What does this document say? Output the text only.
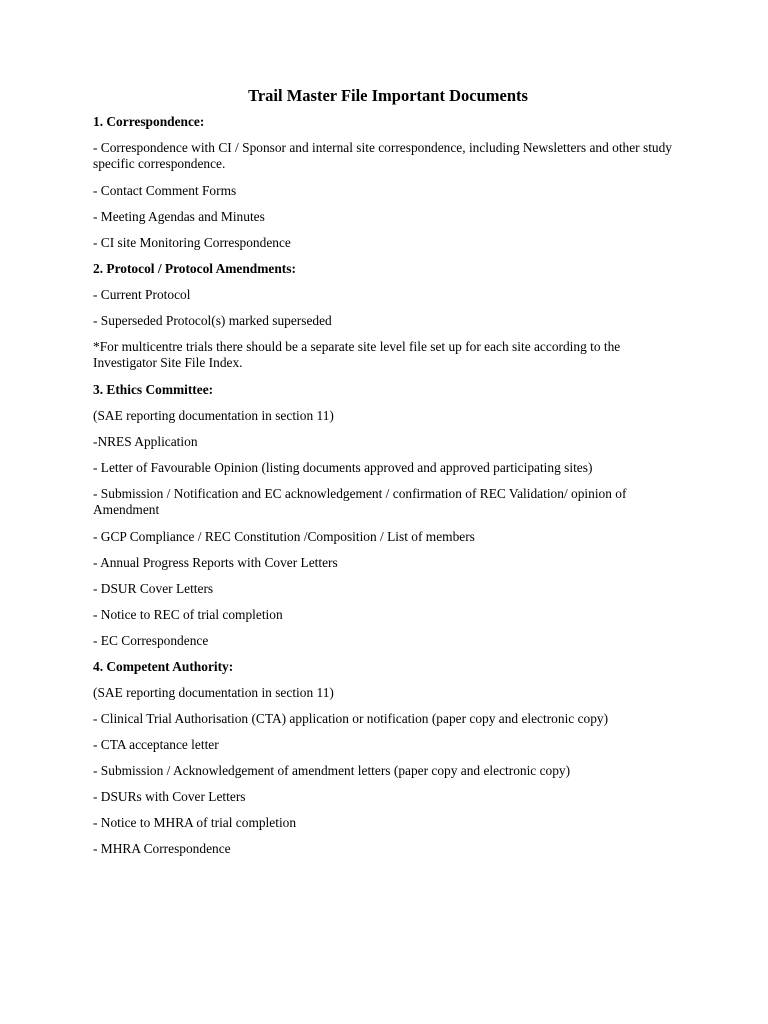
Trail Master File Important Documents
1. Correspondence:
- Correspondence with CI / Sponsor and internal site correspondence, including Newsletters and other study specific correspondence.
- Contact Comment Forms
- Meeting Agendas and Minutes
- CI site Monitoring Correspondence
2. Protocol / Protocol Amendments:
- Current Protocol
- Superseded Protocol(s) marked superseded
*For multicentre trials there should be a separate site level file set up for each site according to the Investigator Site File Index.
3. Ethics Committee:
(SAE reporting documentation in section 11)
-NRES Application
- Letter of Favourable Opinion (listing documents approved and approved participating sites)
- Submission / Notification and EC acknowledgement / confirmation of REC Validation/ opinion of Amendment
- GCP Compliance / REC Constitution /Composition / List of members
- Annual Progress Reports with Cover Letters
- DSUR Cover Letters
- Notice to REC of trial completion
- EC Correspondence
4. Competent Authority:
(SAE reporting documentation in section 11)
- Clinical Trial Authorisation (CTA) application or notification (paper copy and electronic copy)
- CTA acceptance letter
- Submission / Acknowledgement of amendment letters (paper copy and electronic copy)
- DSURs with Cover Letters
- Notice to MHRA of trial completion
- MHRA Correspondence
